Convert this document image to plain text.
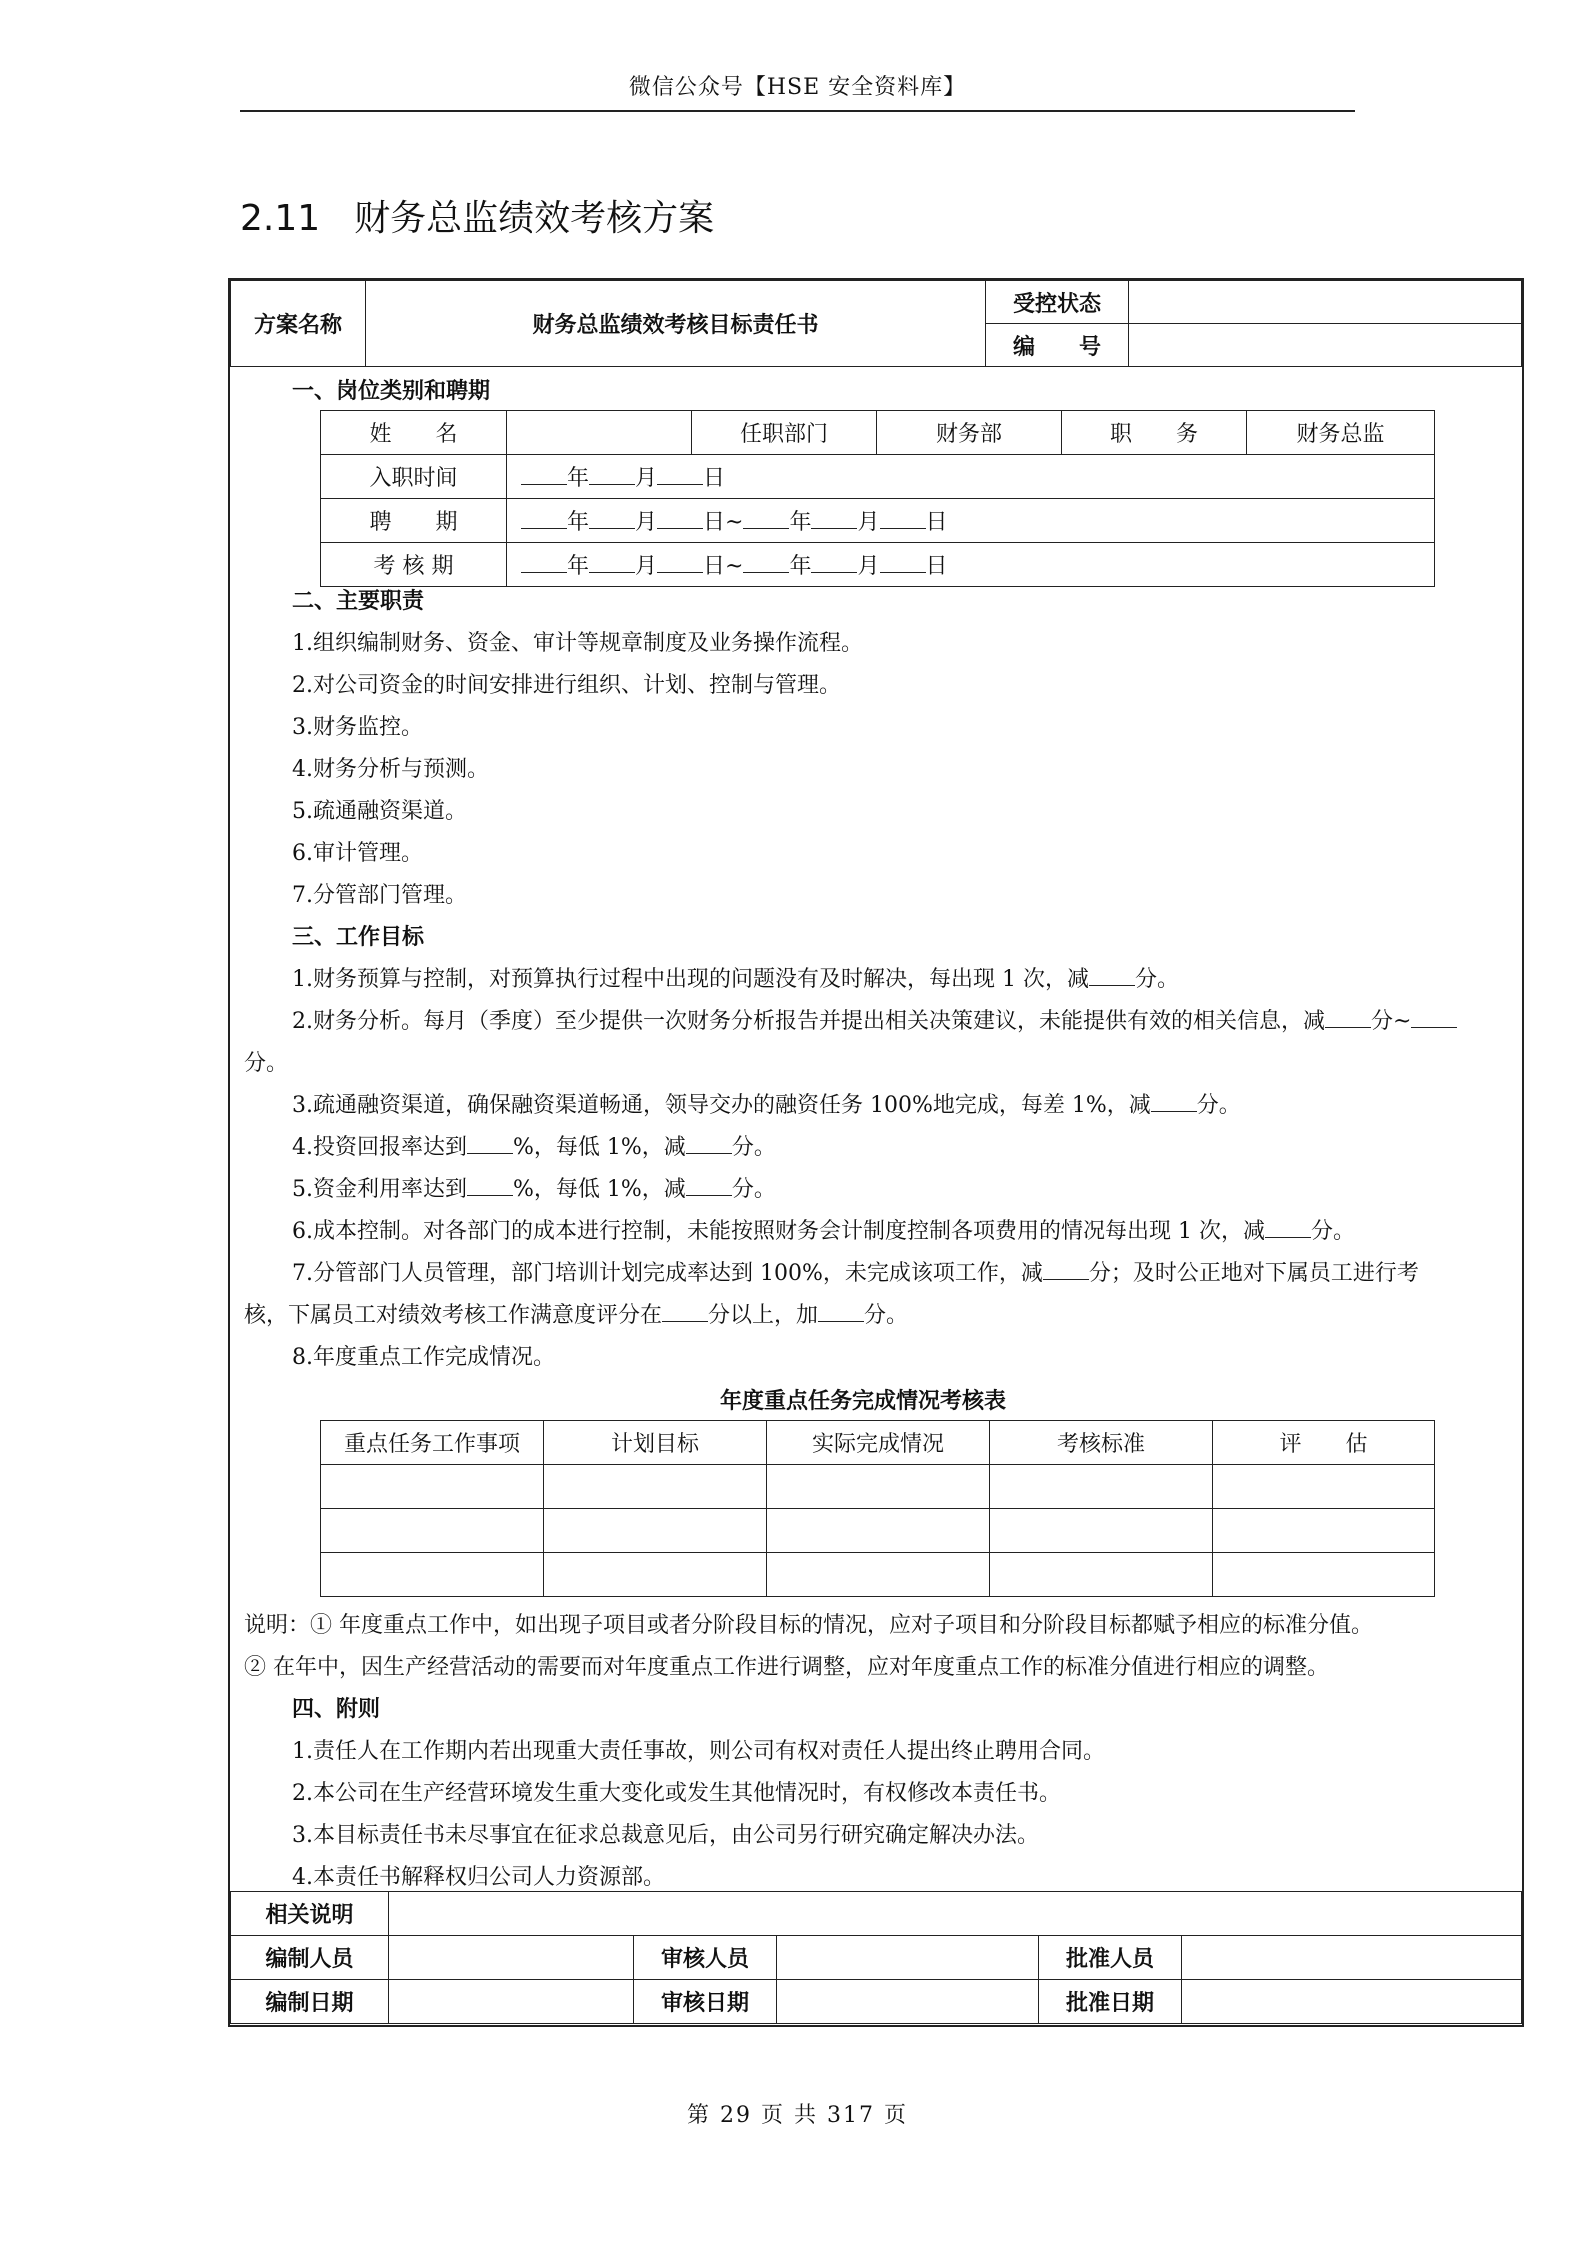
微信公众号【HSE 安全资料库】
2.11 财务总监绩效考核方案
方案名称	财务总监绩效考核目标责任书	受控状态	
		编　　号	
一、岗位类别和聘期
姓　　名		任职部门	财务部	职　　务	财务总监
入职时间	年 月 日				
聘　　期	年 月 日~ 年 月 日				
考 核 期	年 月 日~ 年 月 日				
二、主要职责
1.组织编制财务、资金、审计等规章制度及业务操作流程。
2.对公司资金的时间安排进行组织、计划、控制与管理。
3.财务监控。
4.财务分析与预测。
5.疏通融资渠道。
6.审计管理。
7.分管部门管理。
三、工作目标
1.财务预算与控制，对预算执行过程中出现的问题没有及时解决，每出现 1 次，减 分。
2.财务分析。每月（季度）至少提供一次财务分析报告并提出相关决策建议，未能提供有效的相关信息，减 分~
分。
3.疏通融资渠道，确保融资渠道畅通，领导交办的融资任务 100%地完成，每差 1%，减 分。
4.投资回报率达到 %，每低 1%，减 分。
5.资金利用率达到 %，每低 1%，减 分。
6.成本控制。对各部门的成本进行控制，未能按照财务会计制度控制各项费用的情况每出现 1 次，减 分。
7.分管部门人员管理，部门培训计划完成率达到 100%，未完成该项工作，减 分；及时公正地对下属员工进行考
核，下属员工对绩效考核工作满意度评分在 分以上，加 分。
8.年度重点工作完成情况。
年度重点任务完成情况考核表
重点任务工作事项	计划目标	实际完成情况	考核标准	评　　估

说明：① 年度重点工作中，如出现子项目或者分阶段目标的情况，应对子项目和分阶段目标都赋予相应的标准分值。
② 在年中，因生产经营活动的需要而对年度重点工作进行调整，应对年度重点工作的标准分值进行相应的调整。
四、附则
1.责任人在工作期内若出现重大责任事故，则公司有权对责任人提出终止聘用合同。
2.本公司在生产经营环境发生重大变化或发生其他情况时，有权修改本责任书。
3.本目标责任书未尽事宜在征求总裁意见后，由公司另行研究确定解决办法。
4.本责任书解释权归公司人力资源部。
相关说明					
编制人员		审核人员		批准人员	
编制日期		审核日期		批准日期	
第 29 页 共 317 页
